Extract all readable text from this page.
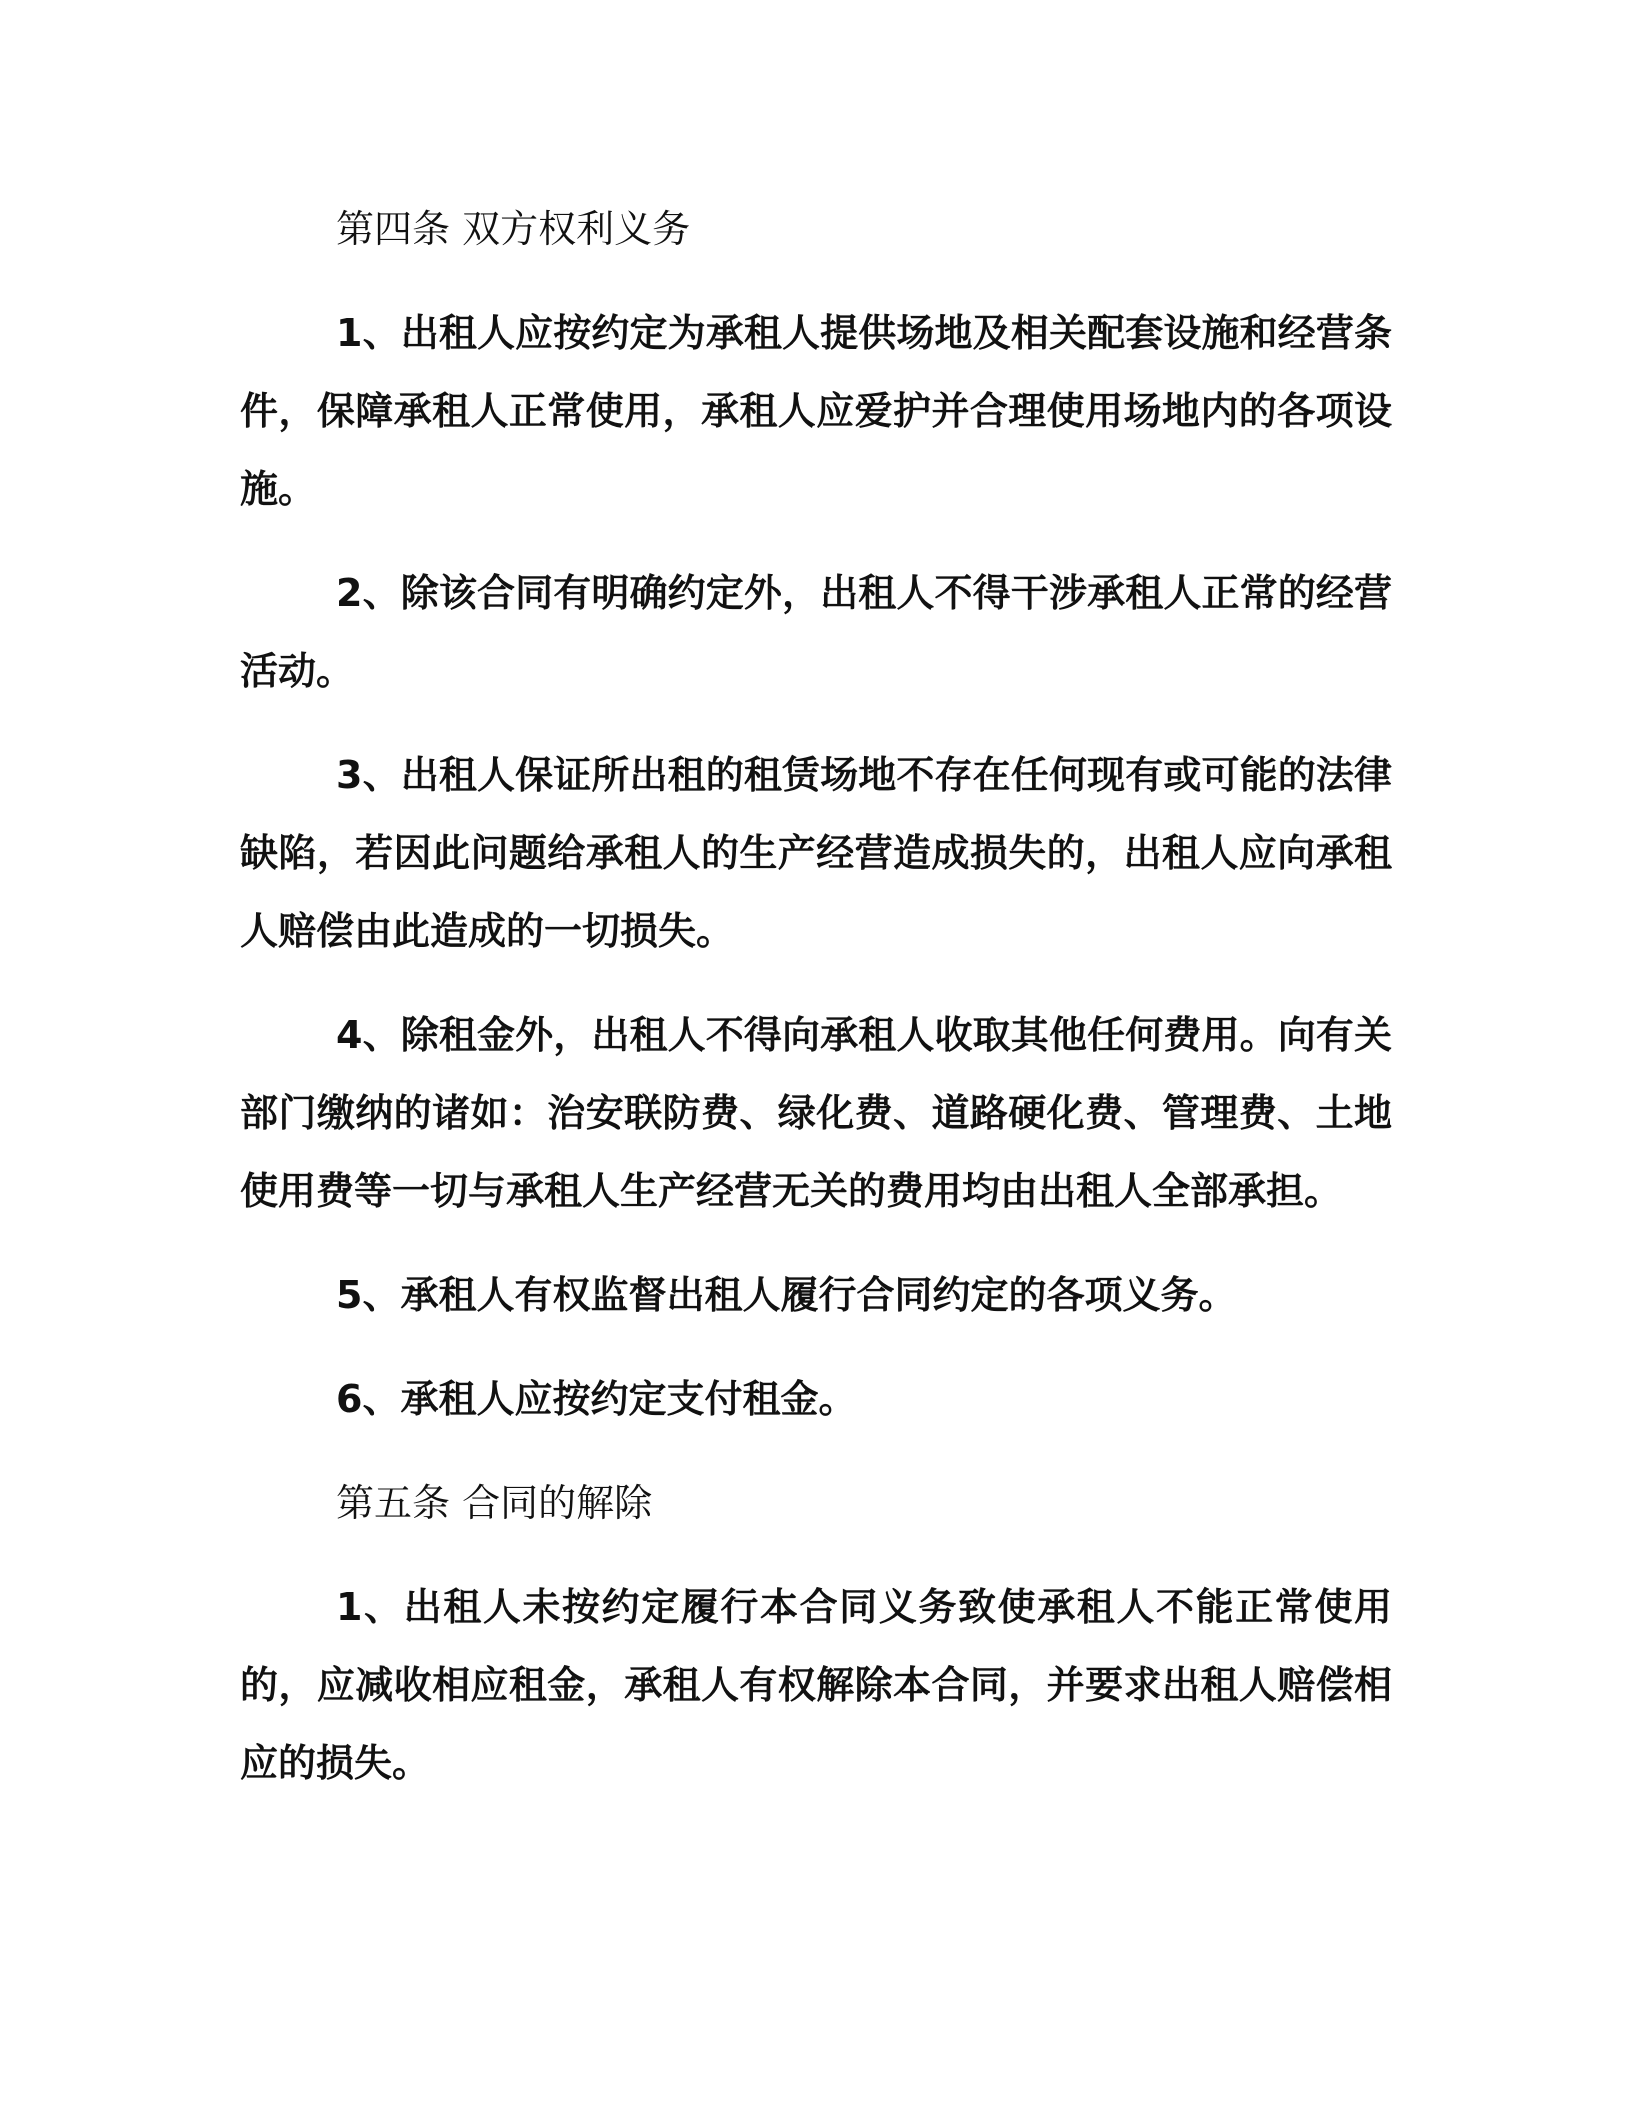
第四条 双方权利义务

1、出租人应按约定为承租人提供场地及相关配套设施和经营条件，保障承租人正常使用，承租人应爱护并合理使用场地内的各项设施。

2、除该合同有明确约定外，出租人不得干涉承租人正常的经营活动。

3、出租人保证所出租的租赁场地不存在任何现有或可能的法律缺陷，若因此问题给承租人的生产经营造成损失的，出租人应向承租人赔偿由此造成的一切损失。

4、除租金外，出租人不得向承租人收取其他任何费用。向有关部门缴纳的诸如：治安联防费、绿化费、道路硬化费、管理费、土地使用费等一切与承租人生产经营无关的费用均由出租人全部承担。

5、承租人有权监督出租人履行合同约定的各项义务。

6、承租人应按约定支付租金。

第五条 合同的解除

1、出租人未按约定履行本合同义务致使承租人不能正常使用的，应减收相应租金，承租人有权解除本合同，并要求出租人赔偿相应的损失。
